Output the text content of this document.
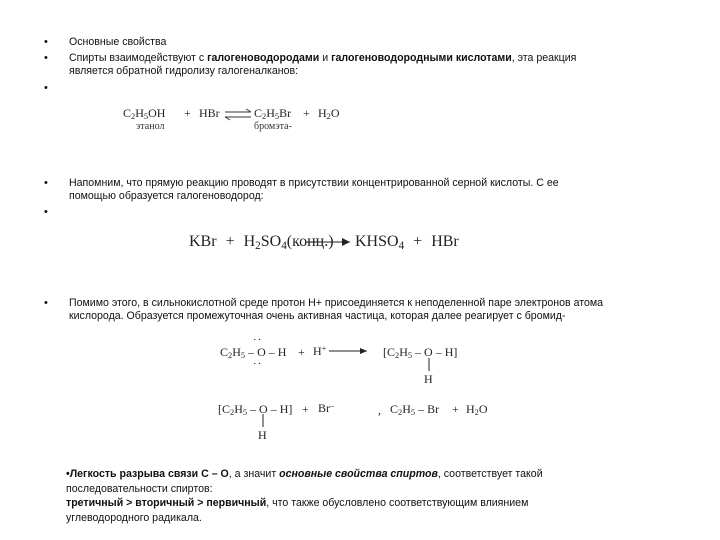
•
•
•
•
•
•
Основные свойства
Спирты взаимодействуют с галогеноводородами и галогеноводородными кислотами, эта реакция
является обратной гидролизу галогеналканов:
$C_2H_5OH$ + HBr ⇌ $C_2H_5Br + H_2O$
этанол	бромэта-
Напомним, что прямую реакцию проводят в присутствии концентрированной серной кислоты. С ее
помощью образуется галогеноводород:
KBr + $H_2SO_4(конц.)$ → $KHSO_4$ + HBr
Помимо этого, в сильнокислотной среде протон Н+ присоединяется к неподеленной паре электронов атома
кислорода. Образуется промежуточная очень активная частица, которая далее реагирует с бромид-
··
$C_2H_5$ – O – H
··
+ H+	[$C_2H_5$ – O – H]
H
[$C_2H_5$ – O – H]
H
+ Br–	, $C_2H_5 - Br + H_2O$
•Легкость разрыва связи С – О, а значит основные свойства спиртов, соответствует такой
последовательности спиртов:
третичный > вторичный > первичный, что также обусловлено соответствующим влиянием
углеводородного радикала.
